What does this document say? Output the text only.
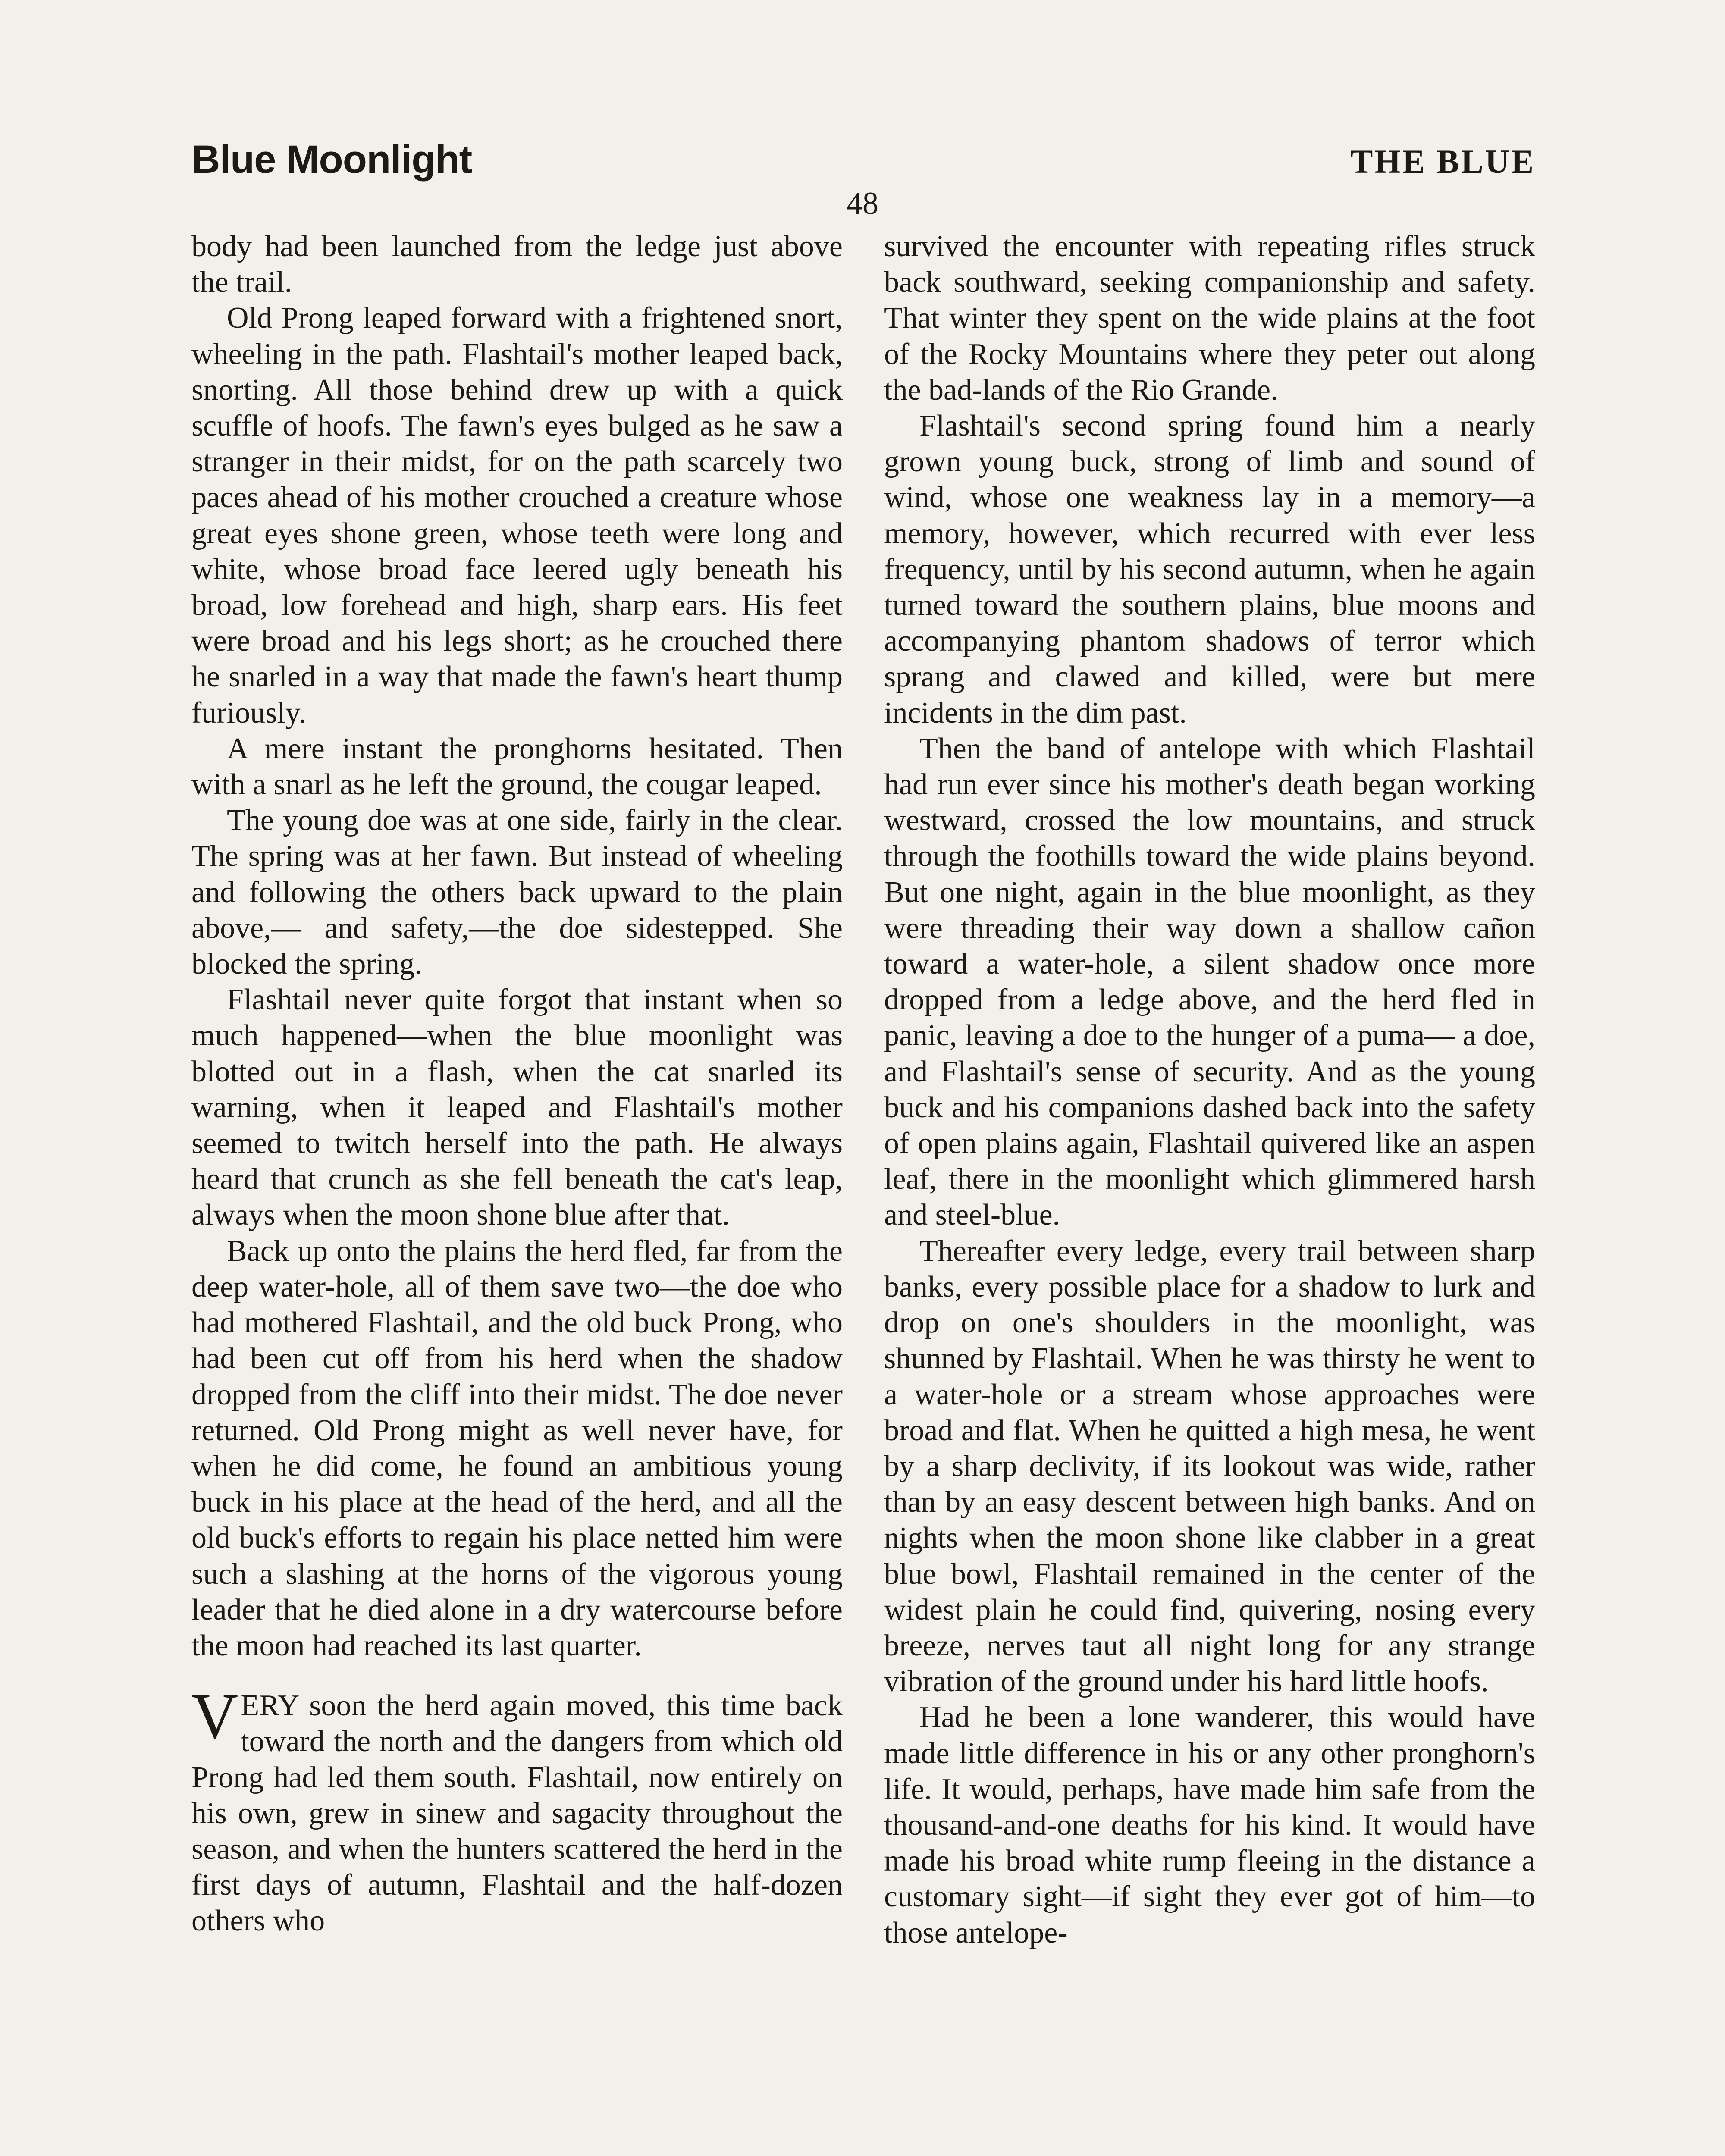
Blue Moonlight	THE BLUE
48

body had been launched from the ledge just above the trail.

Old Prong leaped forward with a frightened snort, wheeling in the path. Flashtail's mother leaped back, snorting. All those behind drew up with a quick scuffle of hoofs. The fawn's eyes bulged as he saw a stranger in their midst, for on the path scarcely two paces ahead of his mother crouched a creature whose great eyes shone green, whose teeth were long and white, whose broad face leered ugly beneath his broad, low forehead and high, sharp ears. His feet were broad and his legs short; as he crouched there he snarled in a way that made the fawn's heart thump furiously.

A mere instant the pronghorns hesitated. Then with a snarl as he left the ground, the cougar leaped.

The young doe was at one side, fairly in the clear. The spring was at her fawn. But instead of wheeling and following the others back upward to the plain above,— and safety,—the doe sidestepped. She blocked the spring.

Flashtail never quite forgot that instant when so much happened—when the blue moonlight was blotted out in a flash, when the cat snarled its warning, when it leaped and Flashtail's mother seemed to twitch herself into the path. He always heard that crunch as she fell beneath the cat's leap, always when the moon shone blue after that.

Back up onto the plains the herd fled, far from the deep water-hole, all of them save two—the doe who had mothered Flashtail, and the old buck Prong, who had been cut off from his herd when the shadow dropped from the cliff into their midst. The doe never returned. Old Prong might as well never have, for when he did come, he found an ambitious young buck in his place at the head of the herd, and all the old buck's efforts to regain his place netted him were such a slashing at the horns of the vigorous young leader that he died alone in a dry watercourse before the moon had reached its last quarter.

VERY soon the herd again moved, this time back toward the north and the dangers from which old Prong had led them south. Flashtail, now entirely on his own, grew in sinew and sagacity throughout the season, and when the hunters scattered the herd in the first days of autumn, Flashtail and the half-dozen others who

survived the encounter with repeating rifles struck back southward, seeking companionship and safety. That winter they spent on the wide plains at the foot of the Rocky Mountains where they peter out along the bad-lands of the Rio Grande.

Flashtail's second spring found him a nearly grown young buck, strong of limb and sound of wind, whose one weakness lay in a memory—a memory, however, which recurred with ever less frequency, until by his second autumn, when he again turned toward the southern plains, blue moons and accompanying phantom shadows of terror which sprang and clawed and killed, were but mere incidents in the dim past.

Then the band of antelope with which Flashtail had run ever since his mother's death began working westward, crossed the low mountains, and struck through the foothills toward the wide plains beyond. But one night, again in the blue moonlight, as they were threading their way down a shallow cañon toward a water-hole, a silent shadow once more dropped from a ledge above, and the herd fled in panic, leaving a doe to the hunger of a puma— a doe, and Flashtail's sense of security. And as the young buck and his companions dashed back into the safety of open plains again, Flashtail quivered like an aspen leaf, there in the moonlight which glimmered harsh and steel-blue.

Thereafter every ledge, every trail between sharp banks, every possible place for a shadow to lurk and drop on one's shoulders in the moonlight, was shunned by Flashtail. When he was thirsty he went to a water-hole or a stream whose approaches were broad and flat. When he quitted a high mesa, he went by a sharp declivity, if its lookout was wide, rather than by an easy descent between high banks. And on nights when the moon shone like clabber in a great blue bowl, Flashtail remained in the center of the widest plain he could find, quivering, nosing every breeze, nerves taut all night long for any strange vibration of the ground under his hard little hoofs.

Had he been a lone wanderer, this would have made little difference in his or any other pronghorn's life. It would, perhaps, have made him safe from the thousand-and-one deaths for his kind. It would have made his broad white rump fleeing in the distance a customary sight—if sight they ever got of him—to those antelope-
